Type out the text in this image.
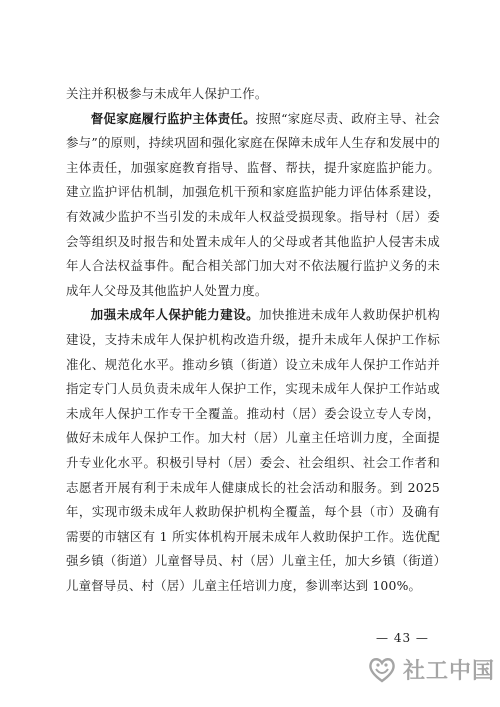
关注并积极参与未成年人保护工作。

督促家庭履行监护主体责任。按照“家庭尽责、政府主导、社会参与”的原则，持续巩固和强化家庭在保障未成年人生存和发展中的主体责任，加强家庭教育指导、监督、帮扶，提升家庭监护能力。建立监护评估机制，加强危机干预和家庭监护能力评估体系建设，有效减少监护不当引发的未成年人权益受损现象。指导村（居）委会等组织及时报告和处置未成年人的父母或者其他监护人侵害未成年人合法权益事件。配合相关部门加大对不依法履行监护义务的未成年人父母及其他监护人处置力度。

加强未成年人保护能力建设。加快推进未成年人救助保护机构建设，支持未成年人保护机构改造升级，提升未成年人保护工作标准化、规范化水平。推动乡镇（街道）设立未成年人保护工作站并指定专门人员负责未成年人保护工作，实现未成年人保护工作站或未成年人保护工作专干全覆盖。推动村（居）委会设立专人专岗，做好未成年人保护工作。加大村（居）儿童主任培训力度，全面提升专业化水平。积极引导村（居）委会、社会组织、社会工作者和志愿者开展有利于未成年人健康成长的社会活动和服务。到 2025 年，实现市级未成年人救助保护机构全覆盖，每个县（市）及确有需要的市辖区有 1 所实体机构开展未成年人救助保护工作。选优配强乡镇（街道）儿童督导员、村（居）儿童主任，加大乡镇（街道）儿童督导员、村（居）儿童主任培训力度，参训率达到 100%。

— 43 —
社工中国
